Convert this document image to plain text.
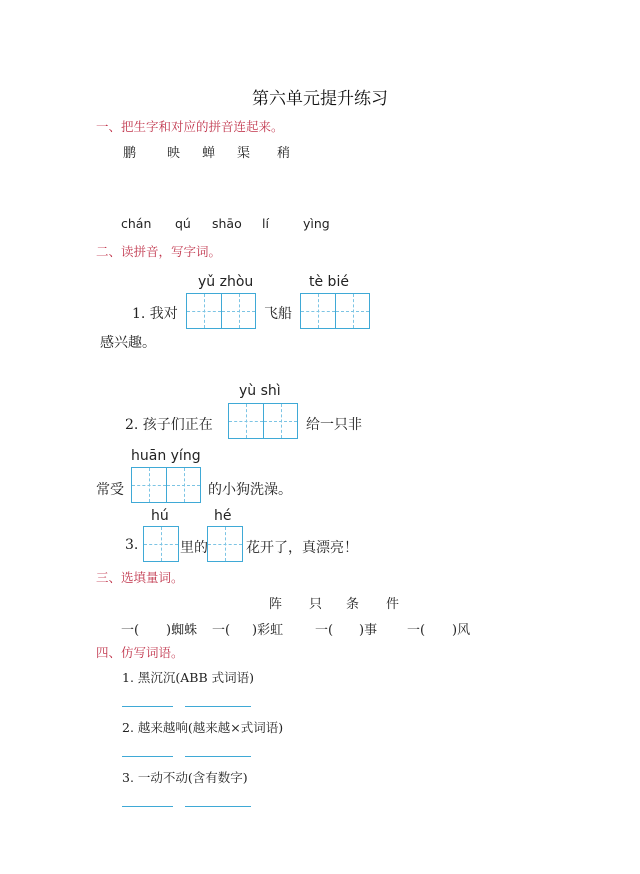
第六单元提升练习
一、把生字和对应的拼音连起来。
鹏 映 蝉 渠 稍
chán qú shāo lí	yìng
二、读拼音，写字词。
yǔ zhòu	tè bié
1. 我对	飞船
感兴趣。
yù shì
2. 孩子们正在	给一只非
huān yíng
常受	的小狗洗澡。
hú	hé
3.	里的	花开了，真漂亮！
三、选填量词。
阵 只 条 件
一( )蜘蛛 一( )彩虹 一( )事 一( )风
四、仿写词语。
1. 黑沉沉(ABB 式词语)
2. 越来越响(越来越×式词语)
3. 一动不动(含有数字)
